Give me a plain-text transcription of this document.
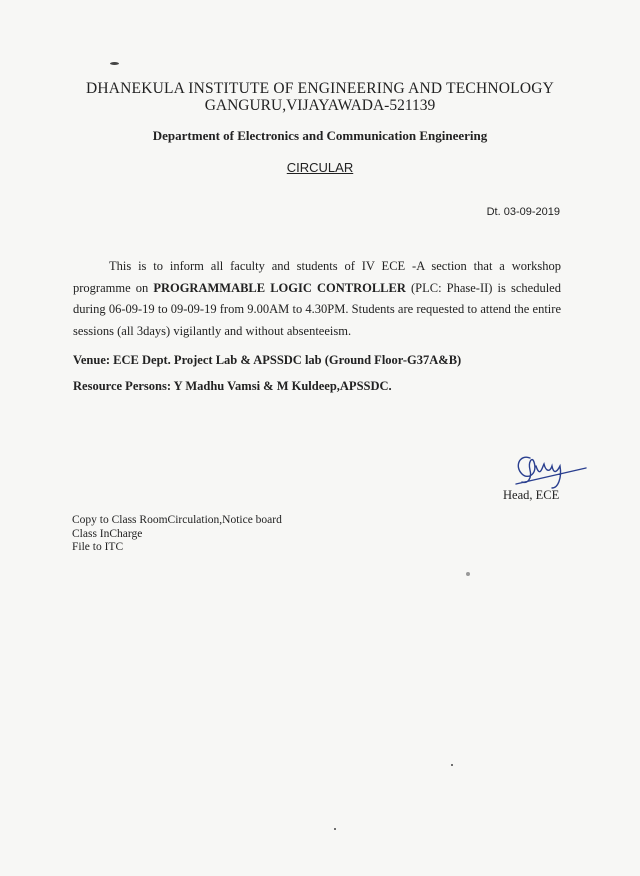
DHANEKULA INSTITUTE OF ENGINEERING AND TECHNOLOGY
GANGURU,VIJAYAWADA-521139
Department of Electronics and Communication Engineering
CIRCULAR
Dt. 03-09-2019
This is to inform all faculty and students of IV ECE -A section that a workshop programme on PROGRAMMABLE LOGIC CONTROLLER (PLC: Phase-II) is scheduled during 06-09-19 to 09-09-19 from 9.00AM to 4.30PM. Students are requested to attend the entire sessions (all 3days) vigilantly and without absenteeism.
Venue: ECE Dept. Project Lab & APSSDC lab (Ground Floor-G37A&B)
Resource Persons: Y Madhu Vamsi & M Kuldeep,APSSDC.
Head, ECE
Copy to Class RoomCirculation,Notice board
Class InCharge
File to ITC
